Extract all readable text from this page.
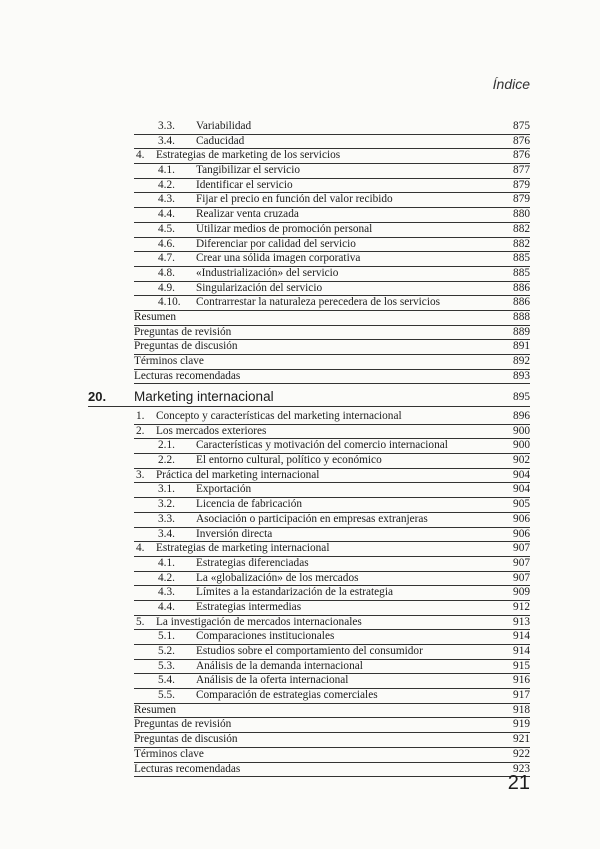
Índice
3.3. Variabilidad	875
3.4. Caducidad	876
4. Estrategias de marketing de los servicios	876
4.1. Tangibilizar el servicio	877
4.2. Identificar el servicio	879
4.3. Fijar el precio en función del valor recibido	879
4.4. Realizar venta cruzada	880
4.5. Utilizar medios de promoción personal	882
4.6. Diferenciar por calidad del servicio	882
4.7. Crear una sólida imagen corporativa	885
4.8. «Industrialización» del servicio	885
4.9. Singularización del servicio	886
4.10. Contrarrestar la naturaleza perecedera de los servicios	886
Resumen	888
Preguntas de revisión	889
Preguntas de discusión	891
Términos clave	892
Lecturas recomendadas	893
20. Marketing internacional	895
1. Concepto y características del marketing internacional	896
2. Los mercados exteriores	900
2.1. Características y motivación del comercio internacional	900
2.2. El entorno cultural, político y económico	902
3. Práctica del marketing internacional	904
3.1. Exportación	904
3.2. Licencia de fabricación	905
3.3. Asociación o participación en empresas extranjeras	906
3.4. Inversión directa	906
4. Estrategias de marketing internacional	907
4.1. Estrategias diferenciadas	907
4.2. La «globalización» de los mercados	907
4.3. Límites a la estandarización de la estrategia	909
4.4. Estrategias intermedias	912
5. La investigación de mercados internacionales	913
5.1. Comparaciones institucionales	914
5.2. Estudios sobre el comportamiento del consumidor	914
5.3. Análisis de la demanda internacional	915
5.4. Análisis de la oferta internacional	916
5.5. Comparación de estrategias comerciales	917
Resumen	918
Preguntas de revisión	919
Preguntas de discusión	921
Términos clave	922
Lecturas recomendadas	923
21
